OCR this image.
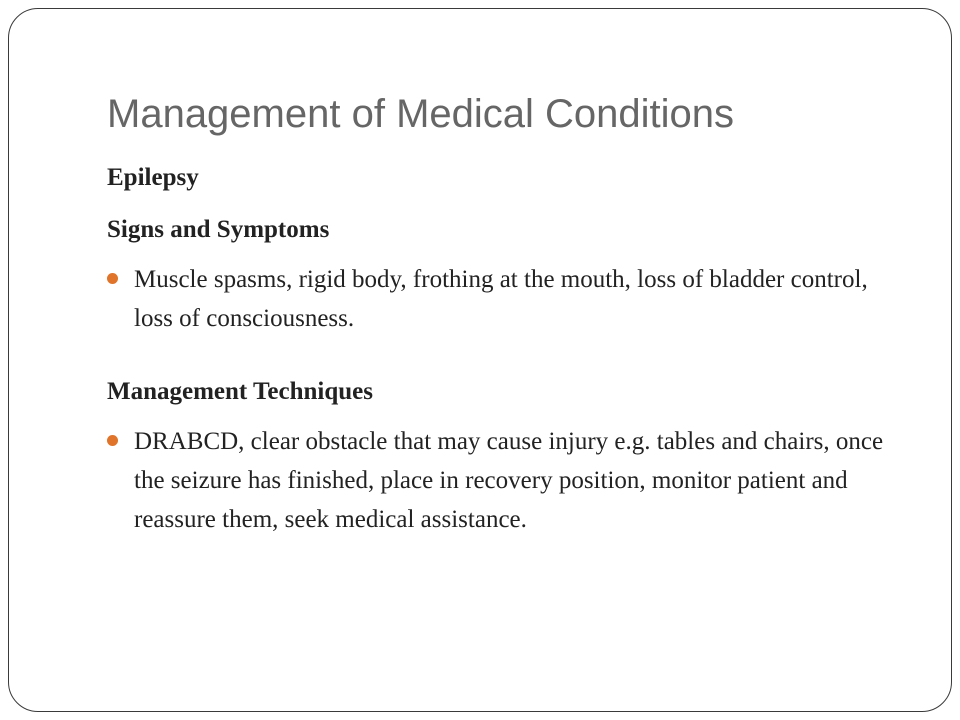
Management of Medical Conditions

Epilepsy

Signs and Symptoms

Muscle spasms, rigid body, frothing at the mouth, loss of bladder control, loss of consciousness.

Management Techniques

DRABCD, clear obstacle that may cause injury e.g. tables and chairs, once the seizure has finished, place in recovery position, monitor patient and reassure them, seek medical assistance.
